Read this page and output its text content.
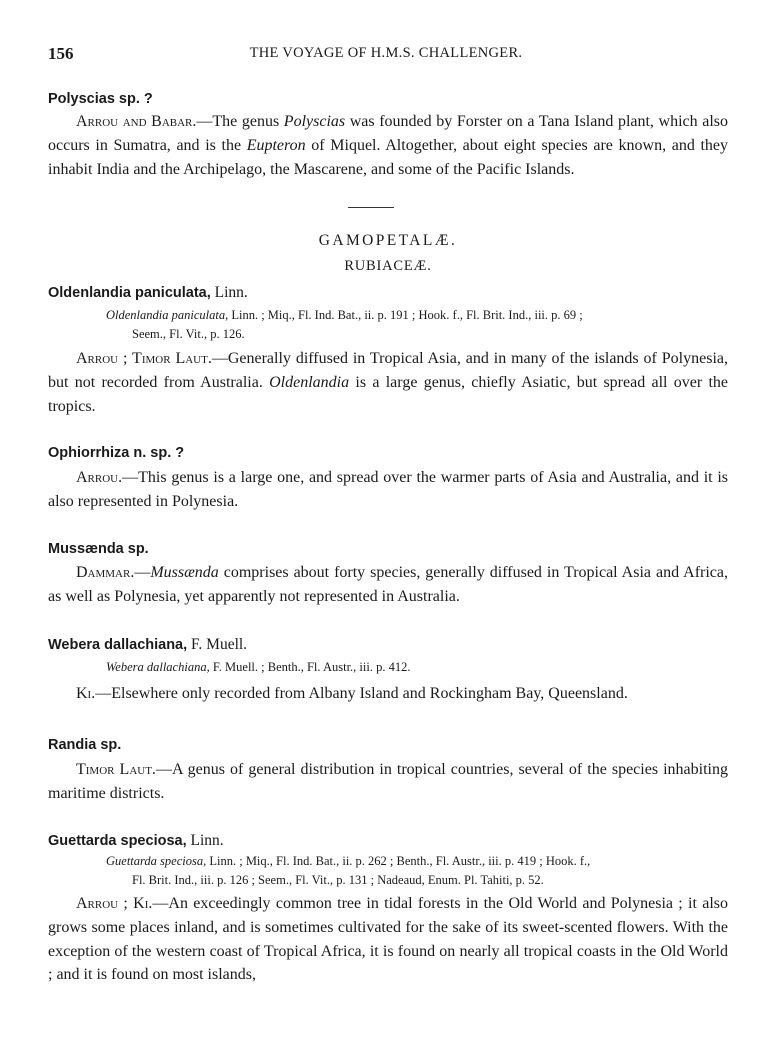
THE VOYAGE OF H.M.S. CHALLENGER.
156
Polyscias sp. ?
Arrou and Babar.—The genus Polyscias was founded by Forster on a Tana Island plant, which also occurs in Sumatra, and is the Eupteron of Miquel. Altogether, about eight species are known, and they inhabit India and the Archipelago, the Mascarene, and some of the Pacific Islands.
GAMOPETALÆ.
RUBIACEÆ.
Oldenlandia paniculata, Linn.
Oldenlandia paniculata, Linn. ; Miq., Fl. Ind. Bat., ii. p. 191 ; Hook. f., Fl. Brit. Ind., iii. p. 69 ;
Seem., Fl. Vit., p. 126.
Arrou ; Timor Laut.—Generally diffused in Tropical Asia, and in many of the islands of Polynesia, but not recorded from Australia. Oldenlandia is a large genus, chiefly Asiatic, but spread all over the tropics.
Ophiorrhiza n. sp. ?
Arrou.—This genus is a large one, and spread over the warmer parts of Asia and Australia, and it is also represented in Polynesia.
Mussænda sp.
Dammar.—Mussænda comprises about forty species, generally diffused in Tropical Asia and Africa, as well as Polynesia, yet apparently not represented in Australia.
Webera dallachiana, F. Muell.
Webera dallachiana, F. Muell. ; Benth., Fl. Austr., iii. p. 412.
Ki.—Elsewhere only recorded from Albany Island and Rockingham Bay, Queensland.
Randia sp.
Timor Laut.—A genus of general distribution in tropical countries, several of the species inhabiting maritime districts.
Guettarda speciosa, Linn.
Guettarda speciosa, Linn. ; Miq., Fl. Ind. Bat., ii. p. 262 ; Benth., Fl. Austr., iii. p. 419 ; Hook. f.,
Fl. Brit. Ind., iii. p. 126 ; Seem., Fl. Vit., p. 131 ; Nadeaud, Enum. Pl. Tahiti, p. 52.
Arrou ; Ki.—An exceedingly common tree in tidal forests in the Old World and Polynesia ; it also grows some places inland, and is sometimes cultivated for the sake of its sweet-scented flowers. With the exception of the western coast of Tropical Africa, it is found on nearly all tropical coasts in the Old World ; and it is found on most islands,
